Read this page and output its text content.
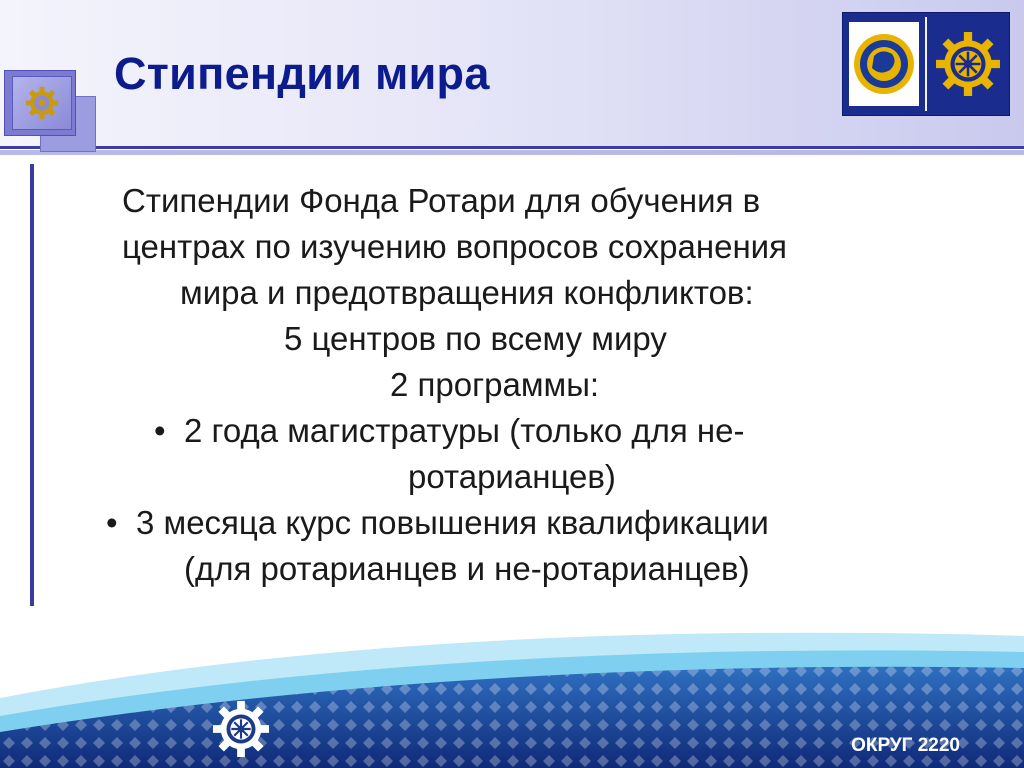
Стипендии мира
Стипендии Фонда Ротари для обучения в
центрах по изучению вопросов сохранения
мира и предотвращения конфликтов:
5 центров по всему миру
2 программы:
• 2 года магистратуры (только для не-
ротарианцев)
• 3 месяца курс повышения квалификации
(для ротарианцев и не-ротарианцев)
ОКРУГ 2220
